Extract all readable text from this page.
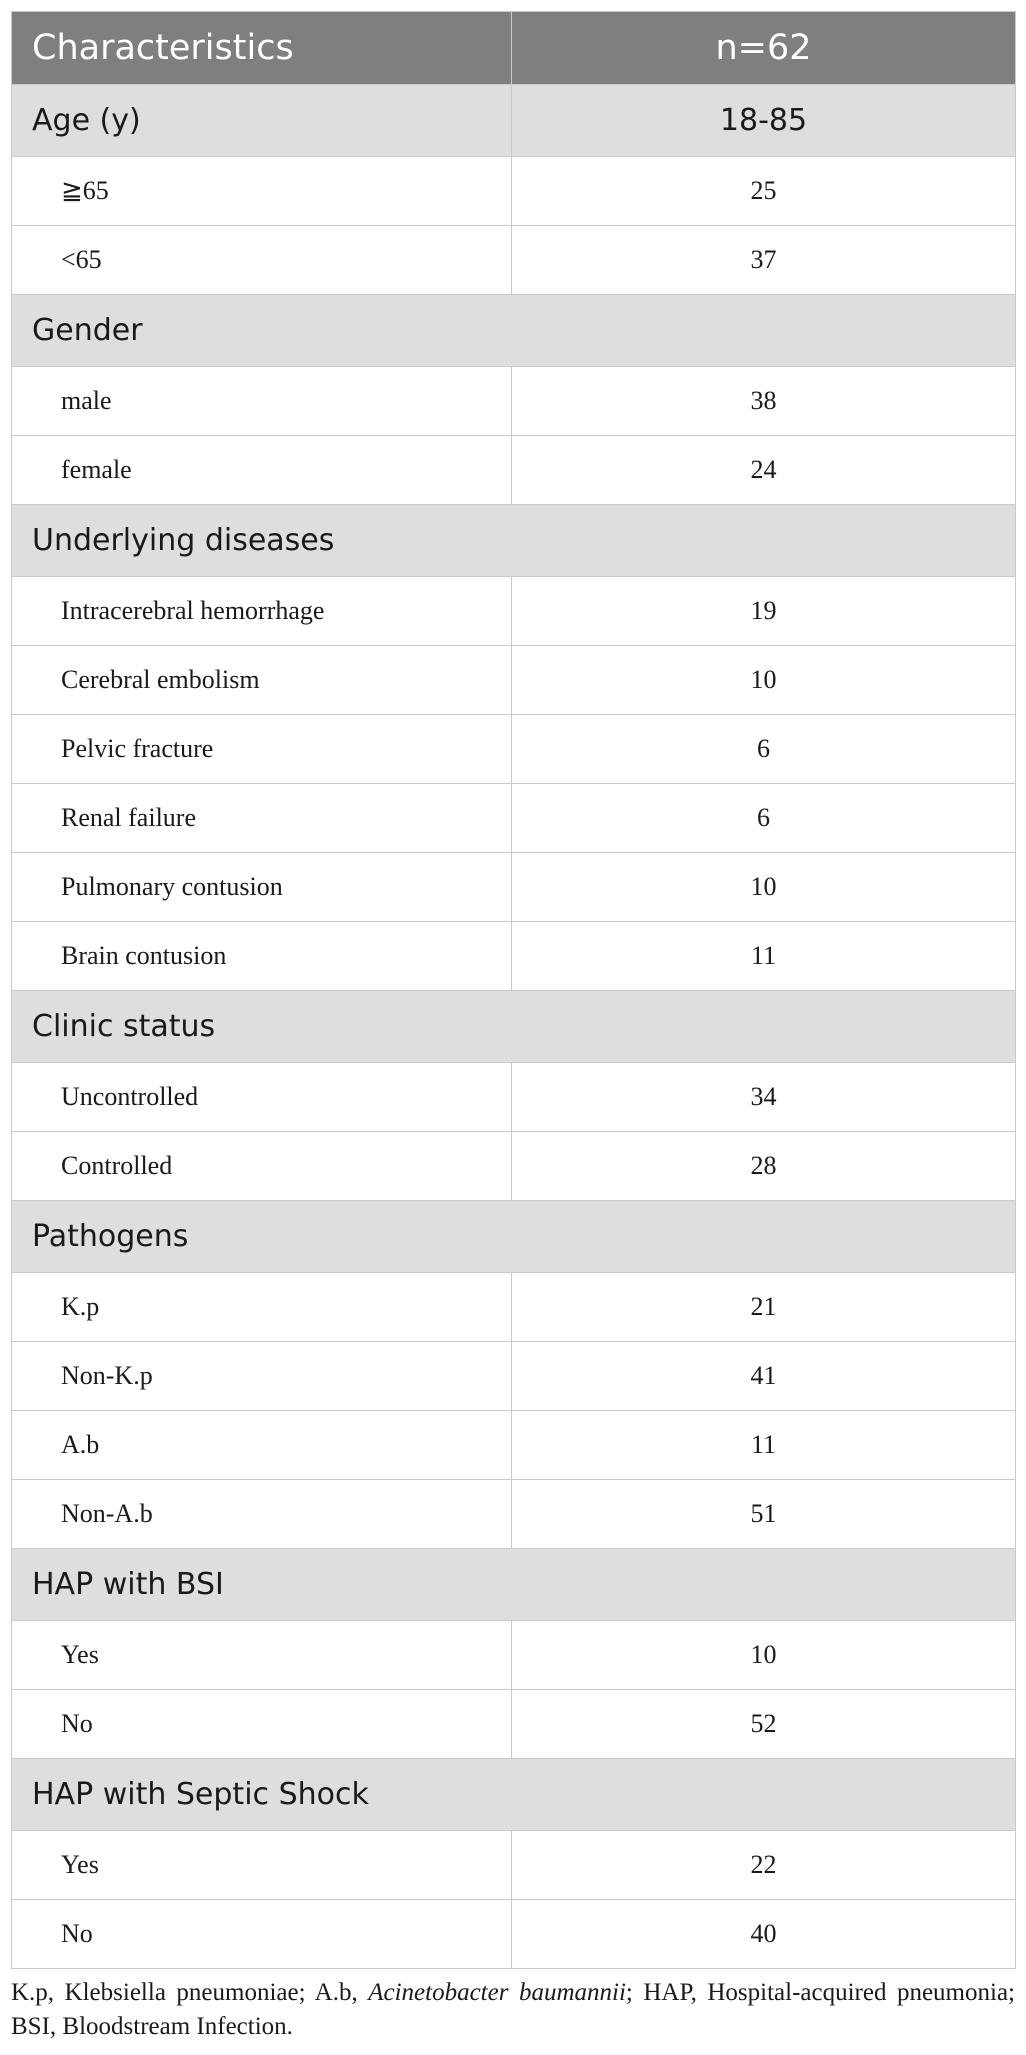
Characteristics	n=62
Age (y)	18-85
≧65	25
<65	37
Gender	
male	38
female	24
Underlying diseases	
Intracerebral hemorrhage	19
Cerebral embolism	10
Pelvic fracture	6
Renal failure	6
Pulmonary contusion	10
Brain contusion	11
Clinic status	
Uncontrolled	34
Controlled	28
Pathogens	
K.p	21
Non-K.p	41
A.b	11
Non-A.b	51
HAP with BSI	
Yes	10
No	52
HAP with Septic Shock	
Yes	22
No	40
K.p, Klebsiella pneumoniae; A.b, Acinetobacter baumannii; HAP, Hospital-acquired pneumonia; BSI, Bloodstream Infection.
